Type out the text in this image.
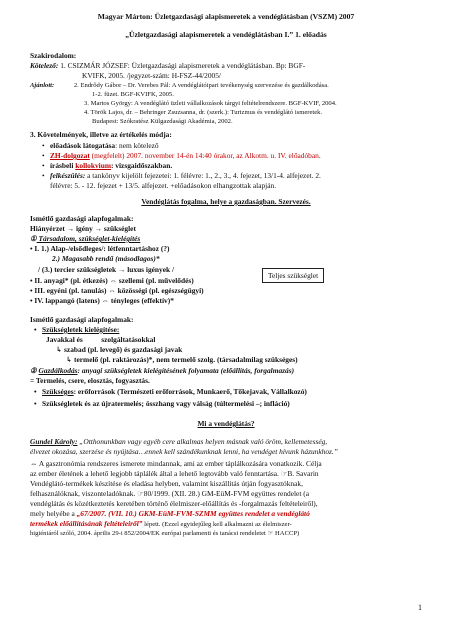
Magyar Márton: Üzletgazdasági alapismeretek a vendéglátásban (VSZM) 2007
„Üzletgazdasági alapismeretek a vendéglátásban I.” 1. előadás
Szakirodalom:
Kötelező: 1. CSIZMÁR JÓZSEF: Üzletgazdasági alapismeretek a vendéglátásban. Bp: BGF-
KVIFK, 2005. /jegyzet-szám: H-FSZ-44/2005/
Ajánlott:	2. Endrődy Gábor – Dr. Verebes Pál: A vendéglátóipari tevékenység szervezése és gazdálkodása.
1-2. füzet. BGF-KVIFK, 2005.
3. Martos György: A vendéglátó üzleti vállalkozások tárgyi feltételrendszere. BGF-KVIF, 2004.
4. Török Lajos, dr. – Behringer Zsuzsanna, dr. (szerk.): Turizmus és vendéglátó ismeretek.
Budapest: Szókratész Külgazdasági Akadémia, 2002.
3. Követelmények, illetve az értékelés módja:
• előadások látogatása: nem kötelező
• ZH-dolgozat (megfelelt) 2007. november 14-én 14:40 órakor, az Alkotm. u. IV. előadóban.
• írásbeli kollokvium: vizsgaidőszakban.
• felkészülés: a tankönyv kijelölt fejezetei: 1. félévre: 1., 2., 3., 4. fejezet, 13/1-4. alfejezet. 2.
félévre: 5. - 12. fejezet + 13/5. alfejezet. +előadásokon elhangzottak alapján.
Vendéglátás fogalma, helye a gazdaságban. Szervezés.
Ismétlő gazdasági alapfogalmak:
Hiányérzet → igény → szükséglet
① Társadalom, szükséglet-kielégítés
• I. 1.) Alap-/elsődleges/: létfenntartáshoz (?)
2.) Magasabb rendű (másodlagos)*
/ (3.) tercier szükségletek → luxus igények /
• II. anyagi* (pl. étkezés) ⇔ szellemi (pl. művelődés)
• III. egyéni (pl. tanulás) ⇔ közösségi (pl. egészségügyi)
• IV. lappangó (latens) ⇔ tényleges (effektív)*
Teljes szükséglet
Ismétlő gazdasági alapfogalmak:
• Szükségletek kielégítése:
Javakkal és          szolgáltatásokkal
↳ szabad (pl. levegő) és gazdasági javak
↳ termelő (pl. raktározás)*, nem termelő szolg. (társadalmilag szükséges)
② Gazdálkodás: anyagi szükségletek kielégítésének folyamata (előállítás, forgalmazás)
= Termelés, csere, elosztás, fogyasztás.
• Szükséges: erőforrások (Természeti erőforrások, Munkaerő, Tőkejavak, Vállalkozó)
• Szükségletek és az újratermelés; összhang vagy válság (túltermelési –; infláció)
Mi a vendéglátás?
Gundel Károly: „Otthonunkban vagy egyéb cere alkalmas helyen másnak való öröm, kellemetesség,
élvezet okozása, szerzése és nyújtása…ennek kell szándékunknak lenni, ha vendéget hívunk házunkhoz.”
⇔ A gasztronómia rendszeres ismerete mindannak, ami az ember táplálkozására vonatkozik. Célja
az ember életének a lehető legjobb táplálék által a lehető legtovább való fenntartása. ☞B. Savarin
Vendéglátó-termékek készítése és eladása helyben, valamint kiszállítás útján fogyasztóknak,
felhasználóknak, viszonteladóknak. ☞80/1999. (XII. 28.) GM-EüM-FVM együttes rendelet (a
vendéglátás és közétkeztetés keretében történő élelmiszer-előállítás és -forgalmazás feltételeiről),
mely helyébe a „67/2007. (VII. 10.) GKM-EüM-FVM-SZMM együttes rendelet a vendéglátó
termékek előállításának feltételeiről” lépett. (Ezzel egyidejűleg kell alkalmazni az élelmiszer-
higiéniáról szóló, 2004. április 29-i 852/2004/EK európai parlamenti és tanácsi rendeletet ☞ HACCP)
1
